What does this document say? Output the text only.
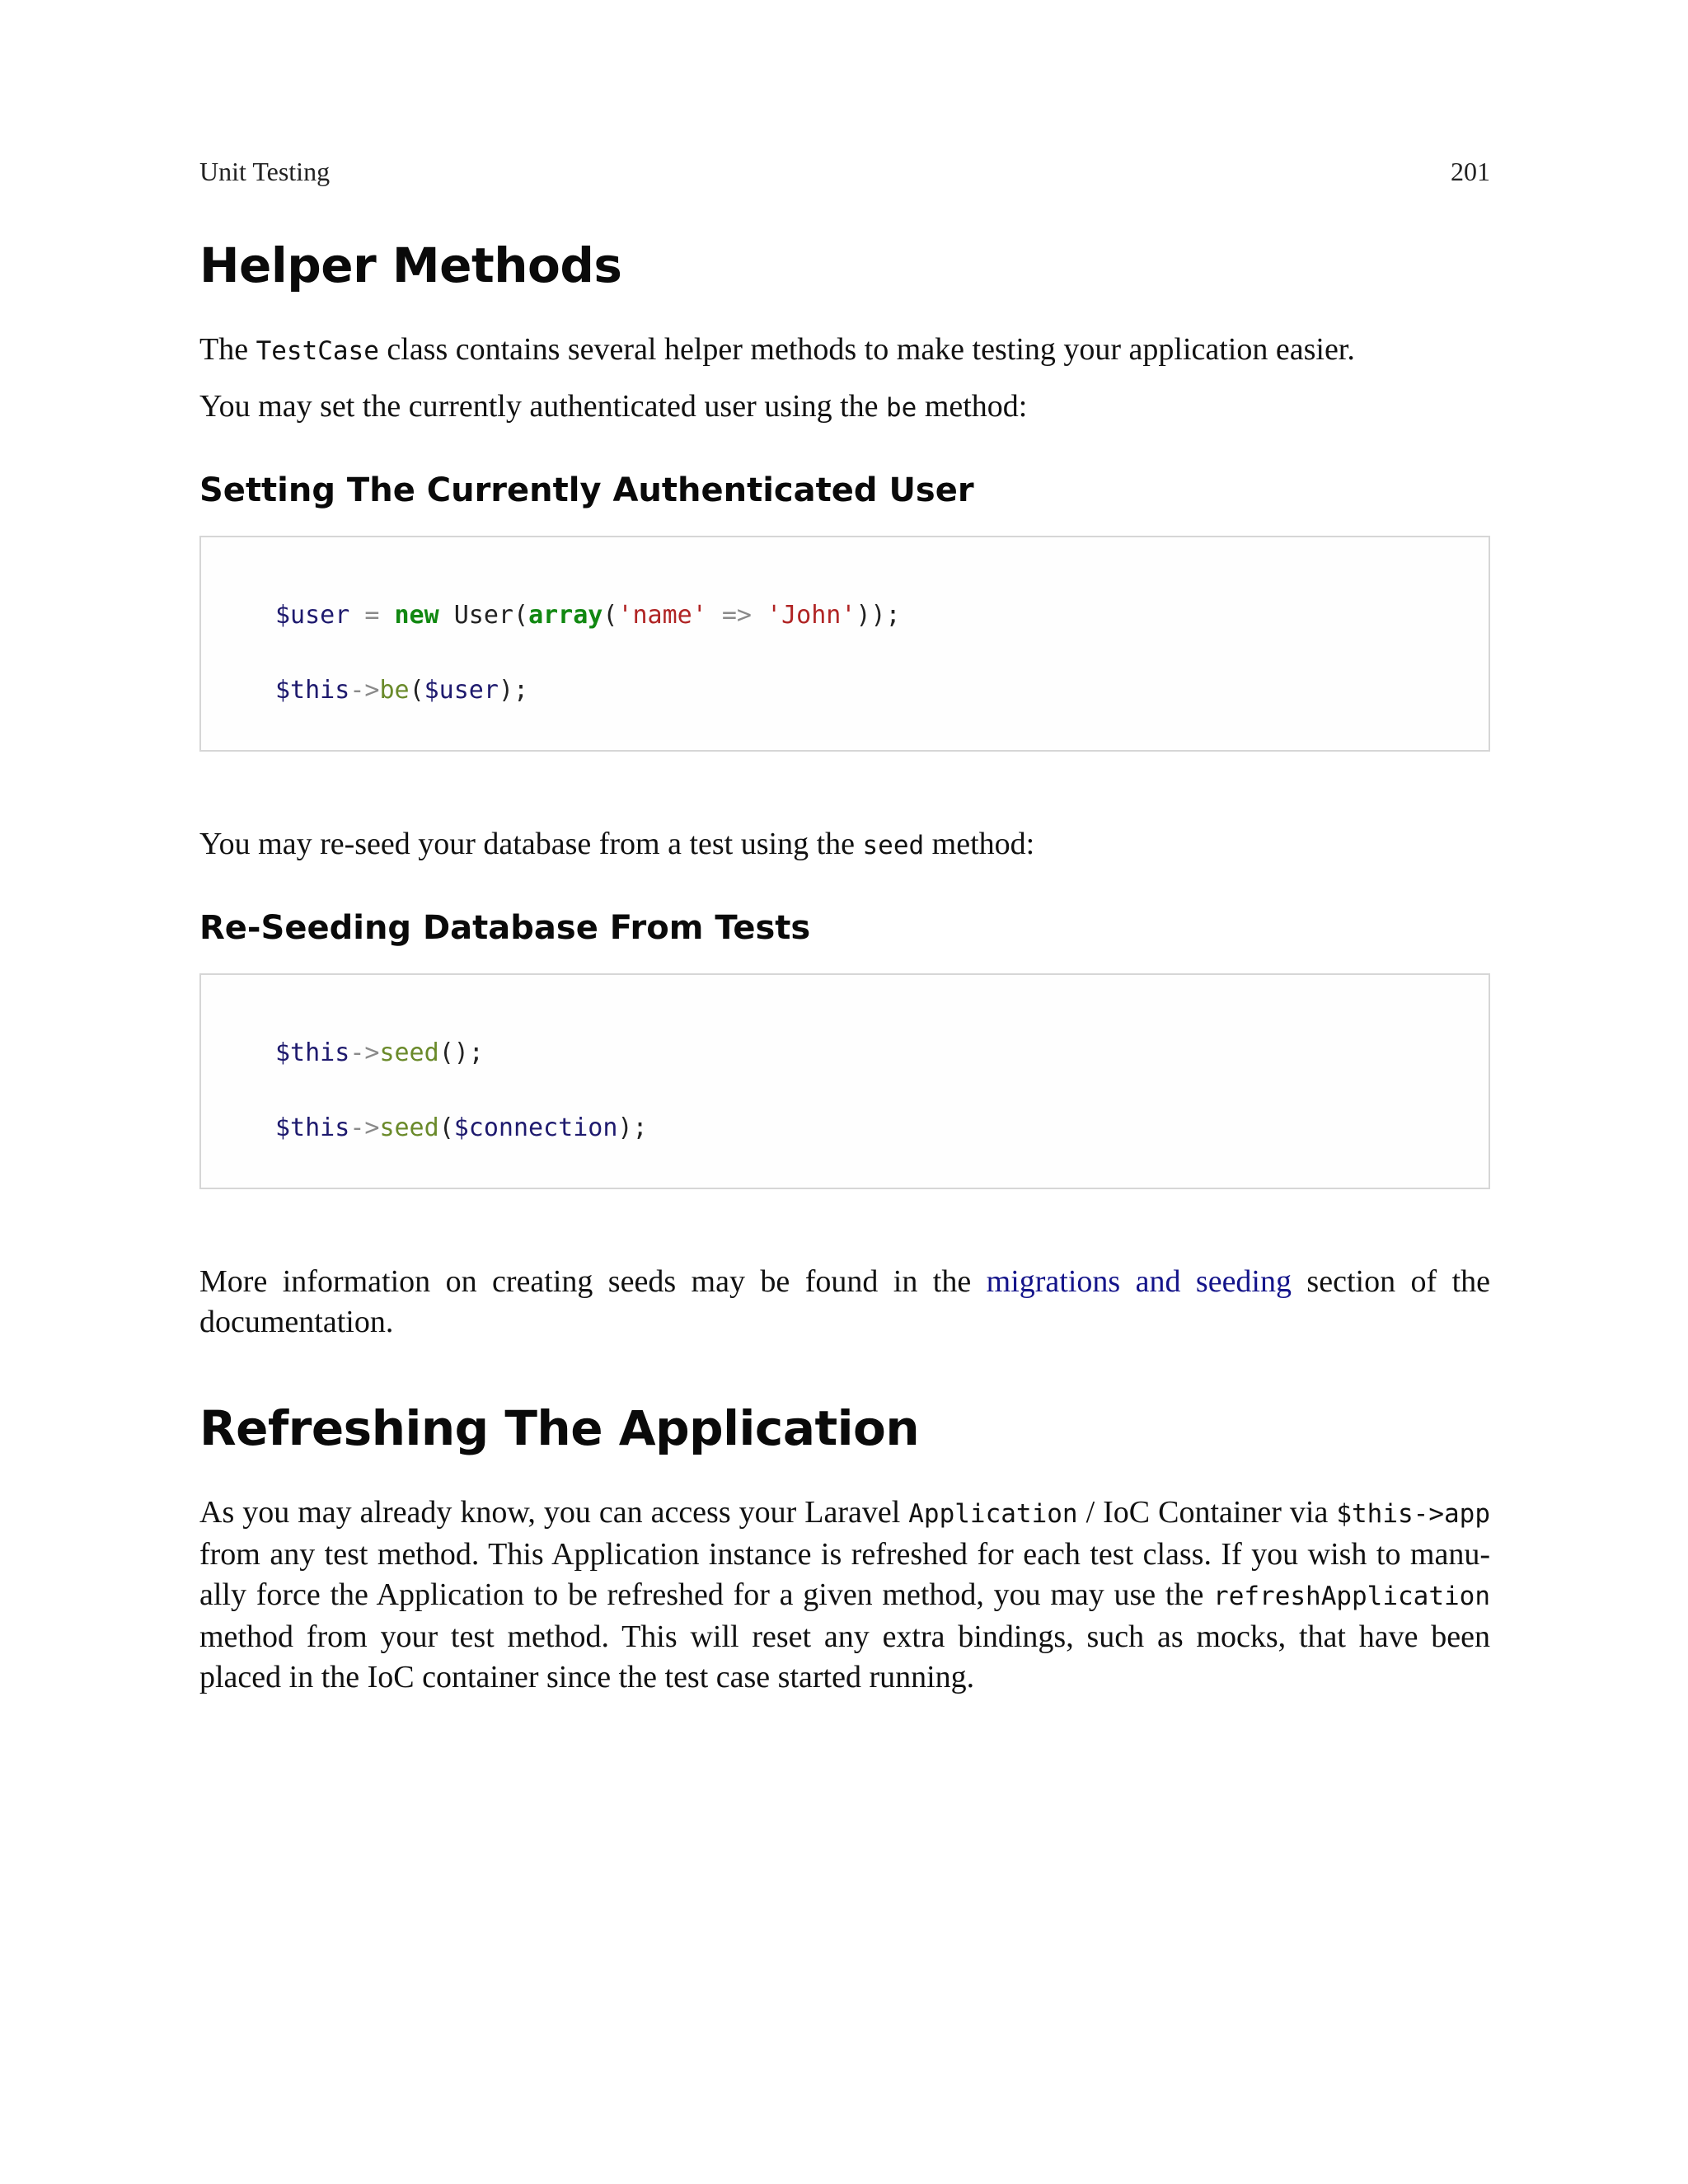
Unit Testing	201
Helper Methods

The TestCase class contains several helper methods to make testing your application easier.

You may set the currently authenticated user using the be method:

Setting The Currently Authenticated User
$user = new User(array('name' => 'John'));
$this->be($user);

You may re-seed your database from a test using the seed method:

Re-Seeding Database From Tests
$this->seed();
$this->seed($connection);

More information on creating seeds may be found in the migrations and seeding section of the documentation.

Refreshing The Application

As you may already know, you can access your Laravel Application / IoC Container via $this->app from any test method. This Application instance is refreshed for each test class. If you wish to manually force the Application to be refreshed for a given method, you may use the refreshApplication method from your test method. This will reset any extra bindings, such as mocks, that have been placed in the IoC container since the test case started running.
